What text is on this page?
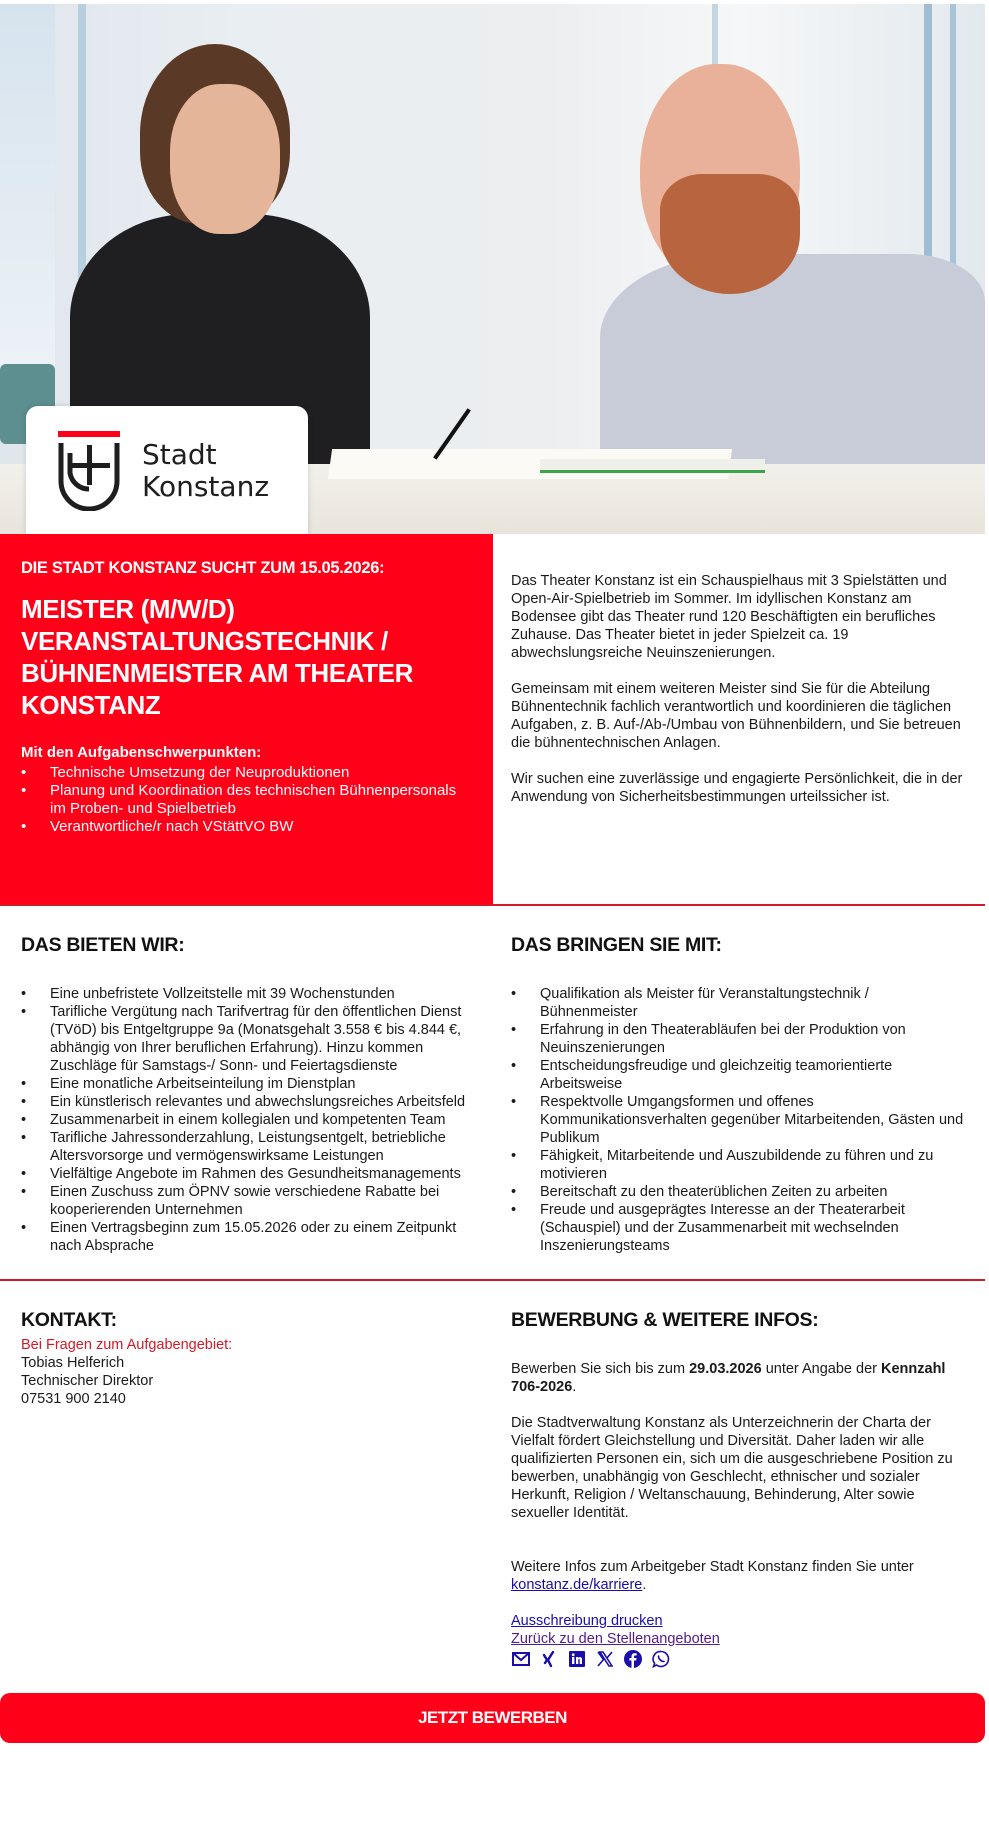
Stadt
Konstanz
DIE STADT KONSTANZ SUCHT ZUM 15.05.2026:
MEISTER (M/W/D) VERANSTALTUNGSTECHNIK / BÜHNENMEISTER AM THEATER KONSTANZ
Mit den Aufgabenschwerpunkten:
• Technische Umsetzung der Neuproduktionen
• Planung und Koordination des technischen Bühnenpersonals im Proben- und Spielbetrieb
• Verantwortliche/r nach VStättVO BW

Das Theater Konstanz ist ein Schauspielhaus mit 3 Spielstätten und Open-Air-Spielbetrieb im Sommer. Im idyllischen Konstanz am Bodensee gibt das Theater rund 120 Beschäftigten ein berufliches Zuhause. Das Theater bietet in jeder Spielzeit ca. 19 abwechslungsreiche Neuinszenierungen.

Gemeinsam mit einem weiteren Meister sind Sie für die Abteilung Bühnentechnik fachlich verantwortlich und koordinieren die täglichen Aufgaben, z. B. Auf-/Ab-/Umbau von Bühnenbildern, und Sie betreuen die bühnentechnischen Anlagen.

Wir suchen eine zuverlässige und engagierte Persönlichkeit, die in der Anwendung von Sicherheitsbestimmungen urteilssicher ist.

DAS BIETEN WIR:
• Eine unbefristete Vollzeitstelle mit 39 Wochenstunden
• Tarifliche Vergütung nach Tarifvertrag für den öffentlichen Dienst (TVöD) bis Entgeltgruppe 9a (Monatsgehalt 3.558 € bis 4.844 €, abhängig von Ihrer beruflichen Erfahrung). Hinzu kommen Zuschläge für Samstags-/ Sonn- und Feiertagsdienste
• Eine monatliche Arbeitseinteilung im Dienstplan
• Ein künstlerisch relevantes und abwechslungsreiches Arbeitsfeld
• Zusammenarbeit in einem kollegialen und kompetenten Team
• Tarifliche Jahressonderzahlung, Leistungsentgelt, betriebliche Altersvorsorge und vermögenswirksame Leistungen
• Vielfältige Angebote im Rahmen des Gesundheitsmanagements
• Einen Zuschuss zum ÖPNV sowie verschiedene Rabatte bei kooperierenden Unternehmen
• Einen Vertragsbeginn zum 15.05.2026 oder zu einem Zeitpunkt nach Absprache
DAS BRINGEN SIE MIT:
• Qualifikation als Meister für Veranstaltungstechnik / Bühnenmeister
• Erfahrung in den Theaterabläufen bei der Produktion von Neuinszenierungen
• Entscheidungsfreudige und gleichzeitig teamorientierte Arbeitsweise
• Respektvolle Umgangsformen und offenes Kommunikationsverhalten gegenüber Mitarbeitenden, Gästen und Publikum
• Fähigkeit, Mitarbeitende und Auszubildende zu führen und zu motivieren
• Bereitschaft zu den theaterüblichen Zeiten zu arbeiten
• Freude und ausgeprägtes Interesse an der Theaterarbeit (Schauspiel) und der Zusammenarbeit mit wechselnden Inszenierungsteams
KONTAKT:
Bei Fragen zum Aufgabengebiet:
Tobias Helferich
Technischer Direktor
07531 900 2140
BEWERBUNG & WEITERE INFOS:

Bewerben Sie sich bis zum 29.03.2026 unter Angabe der Kennzahl 706-2026.

Die Stadtverwaltung Konstanz als Unterzeichnerin der Charta der Vielfalt fördert Gleichstellung und Diversität. Daher laden wir alle qualifizierten Personen ein, sich um die ausgeschriebene Position zu bewerben, unabhängig von Geschlecht, ethnischer und sozialer Herkunft, Religion / Weltanschauung, Behinderung, Alter sowie sexueller Identität.

Weitere Infos zum Arbeitgeber Stadt Konstanz finden Sie unter konstanz.de/karriere.

Ausschreibung drucken
Zurück zu den Stellenangeboten
JETZT BEWERBEN
